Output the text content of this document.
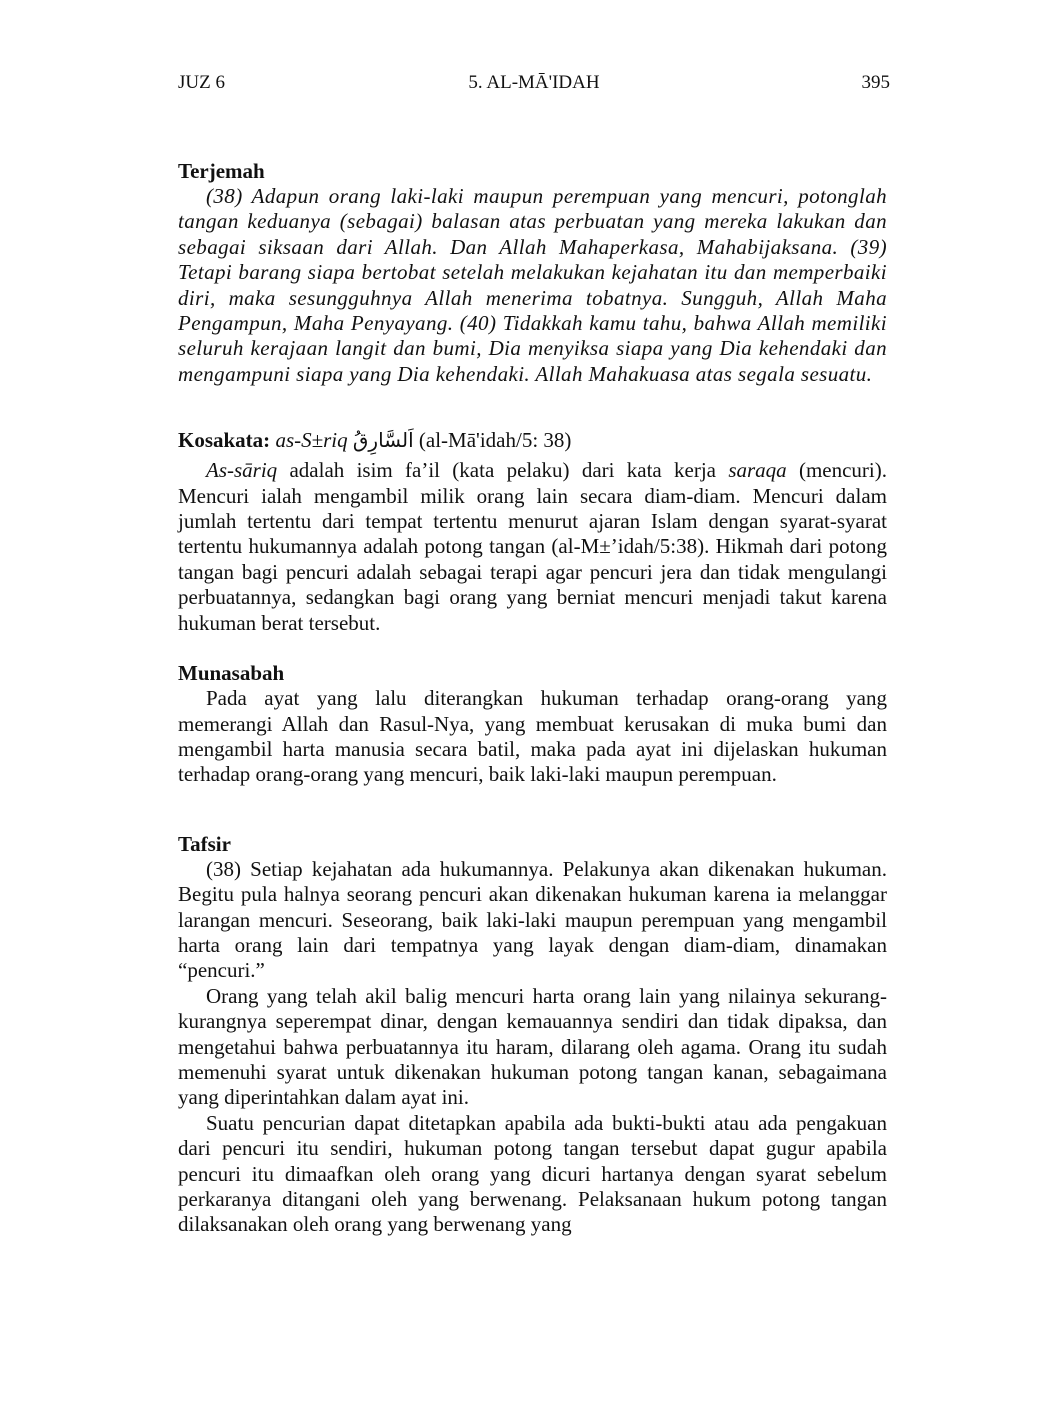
JUZ 6	5. AL-MĀ'IDAH	395
Terjemah

(38) Adapun orang laki-laki maupun perempuan yang mencuri, potonglah tangan keduanya (sebagai) balasan atas perbuatan yang mereka lakukan dan sebagai siksaan dari Allah. Dan Allah Mahaperkasa, Mahabijaksana. (39) Tetapi barang siapa bertobat setelah melakukan kejahatan itu dan memperbaiki diri, maka sesungguhnya Allah menerima tobatnya. Sungguh, Allah Maha Pengampun, Maha Penyayang. (40) Tidakkah kamu tahu, bahwa Allah memiliki seluruh kerajaan langit dan bumi, Dia menyiksa siapa yang Dia kehendaki dan mengampuni siapa yang Dia kehendaki. Allah Mahakuasa atas segala sesuatu.

Kosakata: as-S±riq اَلسَّارِقُ (al-Mā'idah/5: 38)

As-sāriq adalah isim fa’il (kata pelaku) dari kata kerja saraqa (mencuri). Mencuri ialah mengambil milik orang lain secara diam-diam. Mencuri dalam jumlah tertentu dari tempat tertentu menurut ajaran Islam dengan syarat-syarat tertentu hukumannya adalah potong tangan (al-M±’idah/5:38). Hikmah dari potong tangan bagi pencuri adalah sebagai terapi agar pencuri jera dan tidak mengulangi perbuatannya, sedangkan bagi orang yang berniat mencuri menjadi takut karena hukuman berat tersebut.

Munasabah

Pada ayat yang lalu diterangkan hukuman terhadap orang-orang yang memerangi Allah dan Rasul-Nya, yang membuat kerusakan di muka bumi dan mengambil harta manusia secara batil, maka pada ayat ini dijelaskan hukuman terhadap orang-orang yang mencuri, baik laki-laki maupun perempuan.

Tafsir

(38) Setiap kejahatan ada hukumannya. Pelakunya akan dikenakan hukuman. Begitu pula halnya seorang pencuri akan dikenakan hukuman karena ia melanggar larangan mencuri. Seseorang, baik laki-laki maupun perempuan yang mengambil harta orang lain dari tempatnya yang layak dengan diam-diam, dinamakan “pencuri.”

Orang yang telah akil balig mencuri harta orang lain yang nilainya sekurang-kurangnya seperempat dinar, dengan kemauannya sendiri dan tidak dipaksa, dan mengetahui bahwa perbuatannya itu haram, dilarang oleh agama. Orang itu sudah memenuhi syarat untuk dikenakan hukuman potong tangan kanan, sebagaimana yang diperintahkan dalam ayat ini.

Suatu pencurian dapat ditetapkan apabila ada bukti-bukti atau ada pengakuan dari pencuri itu sendiri, hukuman potong tangan tersebut dapat gugur apabila pencuri itu dimaafkan oleh orang yang dicuri hartanya dengan syarat sebelum perkaranya ditangani oleh yang berwenang. Pelaksanaan hukum potong tangan dilaksanakan oleh orang yang berwenang yang
